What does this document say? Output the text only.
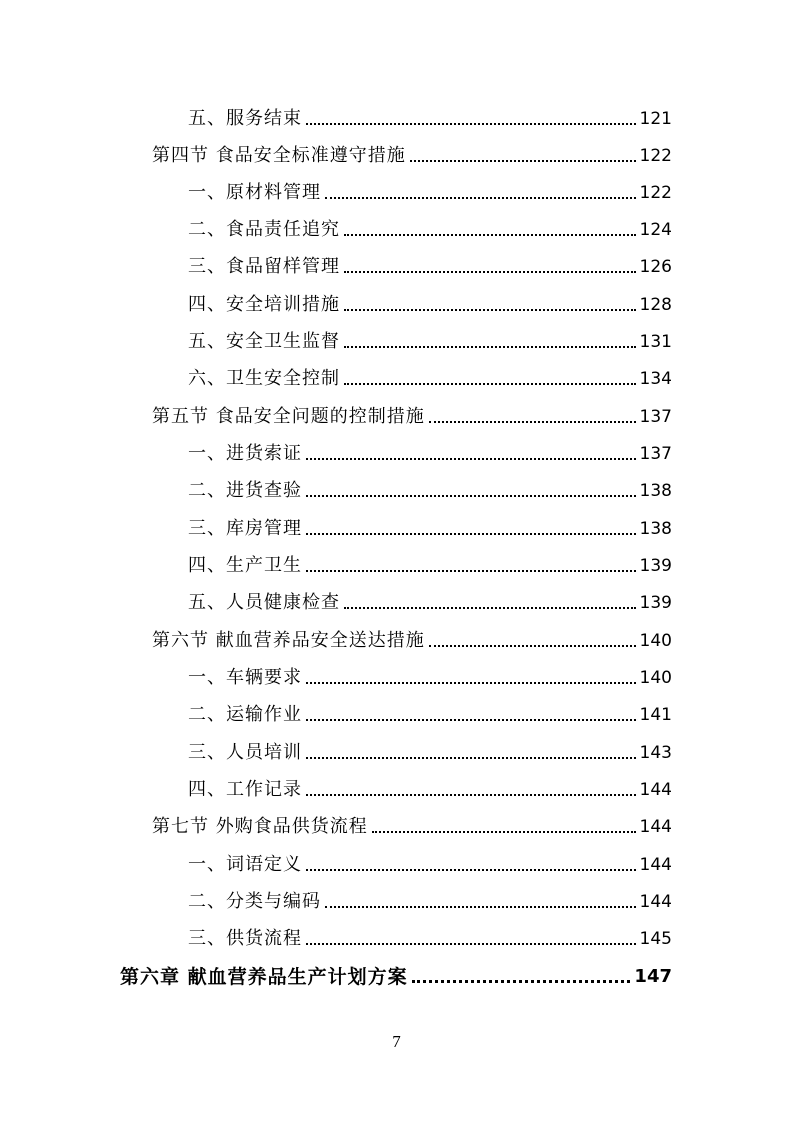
五、服务结束	121
第四节 食品安全标准遵守措施	122
一、原材料管理	122
二、食品责任追究	124
三、食品留样管理	126
四、安全培训措施	128
五、安全卫生监督	131
六、卫生安全控制	134
第五节 食品安全问题的控制措施	137
一、进货索证	137
二、进货查验	138
三、库房管理	138
四、生产卫生	139
五、人员健康检查	139
第六节 献血营养品安全送达措施	140
一、车辆要求	140
二、运输作业	141
三、人员培训	143
四、工作记录	144
第七节 外购食品供货流程	144
一、词语定义	144
二、分类与编码	144
三、供货流程	145
第六章 献血营养品生产计划方案	147
7
